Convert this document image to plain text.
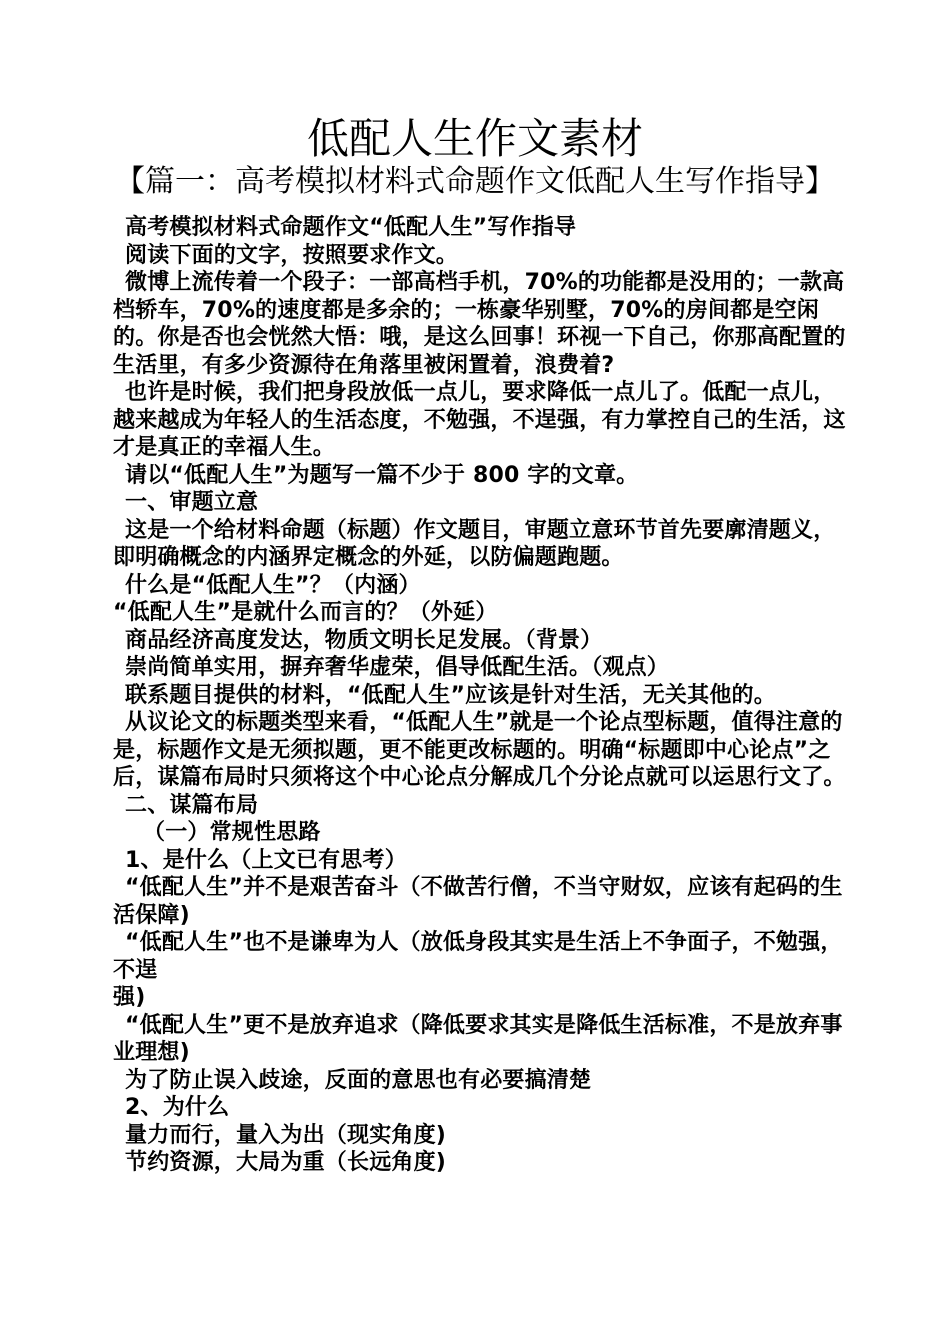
低配人生作文素材
【篇一：高考模拟材料式命题作文低配人生写作指导】

高考模拟材料式命题作文“低配人生”写作指导

阅读下面的文字，按照要求作文。

微博上流传着一个段子：一部高档手机，70%的功能都是没用的；一款高档轿车，70%的速度都是多余的；一栋豪华别墅，70%的房间都是空闲的。你是否也会恍然大悟：哦，是这么回事！环视一下自己，你那高配置的生活里，有多少资源待在角落里被闲置着，浪费着?

也许是时候，我们把身段放低一点儿，要求降低一点儿了。低配一点儿，越来越成为年轻人的生活态度，不勉强，不逞强，有力掌控自己的生活，这才是真正的幸福人生。

请以“低配人生”为题写一篇不少于 800 字的文章。

一、审题立意

这是一个给材料命题（标题）作文题目，审题立意环节首先要廓清题义，即明确概念的内涵界定概念的外延，以防偏题跑题。

什么是“低配人生”？（内涵）

“低配人生”是就什么而言的？（外延）

商品经济高度发达，物质文明长足发展。（背景）

崇尚简单实用，摒弃奢华虚荣，倡导低配生活。（观点）

联系题目提供的材料，“低配人生”应该是针对生活，无关其他的。

从议论文的标题类型来看，“低配人生”就是一个论点型标题，值得注意的是，标题作文是无须拟题，更不能更改标题的。明确“标题即中心论点”之后，谋篇布局时只须将这个中心论点分解成几个分论点就可以运思行文了。

二、谋篇布局

（一）常规性思路

1、是什么（上文已有思考）

“低配人生”并不是艰苦奋斗（不做苦行僧，不当守财奴，应该有起码的生活保障)

“低配人生”也不是谦卑为人（放低身段其实是生活上不争面子，不勉强，不逞

强)

“低配人生”更不是放弃追求（降低要求其实是降低生活标准，不是放弃事业理想)

为了防止误入歧途，反面的意思也有必要搞清楚

2、为什么

量力而行，量入为出（现实角度)

节约资源，大局为重（长远角度)
